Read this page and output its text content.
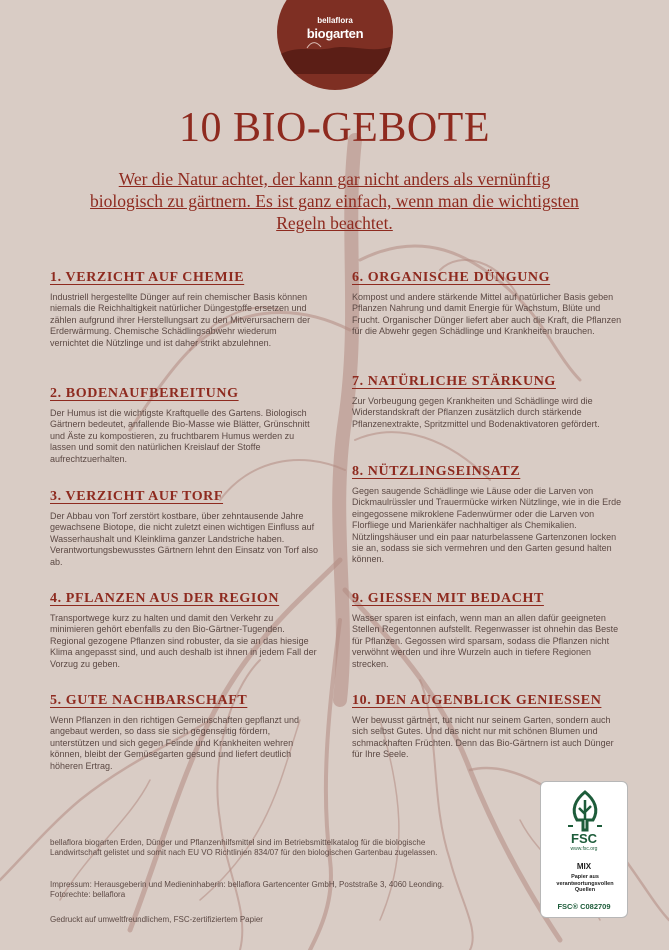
bellaflora
biogarten
10 BIO-GEBOTE
Wer die Natur achtet, der kann gar nicht anders als vernünftig biologisch zu gärtnern. Es ist ganz einfach, wenn man die wichtigsten Regeln beachtet.
1. VERZICHT AUF CHEMIE

Industriell hergestellte Dünger auf rein chemischer Basis können niemals die Reichhaltigkeit natürlicher Düngestoffe ersetzen und zählen aufgrund ihrer Herstellungsart zu den Mitverursachern der Erderwärmung. Chemische Schädlingsabwehr wiederum vernichtet die Nützlinge und ist daher strikt abzulehnen.

2. BODENAUFBEREITUNG

Der Humus ist die wichtigste Kraftquelle des Gartens. Biologisch Gärtnern bedeutet, anfallende Bio-Masse wie Blätter, Grünschnitt und Äste zu kompostieren, zu fruchtbarem Humus werden zu lassen und somit den natürlichen Kreislauf der Stoffe aufrechtzuerhalten.

3. VERZICHT AUF TORF

Der Abbau von Torf zerstört kostbare, über zehntausende Jahre gewachsene Biotope, die nicht zuletzt einen wichtigen Einfluss auf Wasserhaushalt und Kleinklima ganzer Landstriche haben. Verantwortungsbewusstes Gärtnern lehnt den Einsatz von Torf also ab.

4. PFLANZEN AUS DER REGION

Transportwege kurz zu halten und damit den Verkehr zu minimieren gehört ebenfalls zu den Bio-Gärtner-Tugenden. Regional gezogene Pflanzen sind robuster, da sie an das hiesige Klima angepasst sind, und auch deshalb ist ihnen in jedem Fall der Vorzug zu geben.

5. GUTE NACHBARSCHAFT

Wenn Pflanzen in den richtigen Gemeinschaften gepflanzt und angebaut werden, so dass sie sich gegenseitig fördern, unterstützen und sich gegen Feinde und Krankheiten wehren können, bleibt der Gemüsegarten gesund und liefert deutlich höheren Ertrag.

6. ORGANISCHE DÜNGUNG

Kompost und andere stärkende Mittel auf natürlicher Basis geben Pflanzen Nahrung und damit Energie für Wachstum, Blüte und Frucht. Organischer Dünger liefert aber auch die Kraft, die Pflanzen für die Abwehr gegen Schädlinge und Krankheiten brauchen.

7. NATÜRLICHE STÄRKUNG

Zur Vorbeugung gegen Krankheiten und Schädlinge wird die Widerstandskraft der Pflanzen zusätzlich durch stärkende Pflanzenextrakte, Spritzmittel und Bodenaktivatoren gefördert.

8. NÜTZLINGSEINSATZ

Gegen saugende Schädlinge wie Läuse oder die Larven von Dickmaulrüssler und Trauermücke wirken Nützlinge, wie in die Erde eingegossene mikroklene Fadenwürmer oder die Larven von Florfliege und Marienkäfer nachhaltiger als Chemikalien. Nützlingshäuser und ein paar naturbelassene Gartenzonen locken sie an, sodass sie sich vermehren und den Garten gesund halten können.

9. GIESSEN MIT BEDACHT

Wasser sparen ist einfach, wenn man an allen dafür geeigneten Stellen Regentonnen aufstellt. Regenwasser ist ohnehin das Beste für Pflanzen. Gegossen wird sparsam, sodass die Pflanzen nicht verwöhnt werden und ihre Wurzeln auch in tiefere Regionen strecken.

10. DEN AUGENBLICK GENIESSEN

Wer bewusst gärtnert, tut nicht nur seinem Garten, sondern auch sich selbst Gutes. Und das nicht nur mit schönen Blumen und schmackhaften Früchten. Denn das Bio-Gärtnern ist auch Dünger für Ihre Seele.

bellaflora biogarten Erden, Dünger und Pflanzenhilfsmittel sind im Betriebsmittelkatalog für die biologische Landwirtschaft gelistet und somit nach EU VO Richtlinien 834/07 für den biologischen Gartenbau zugelassen.
Impressum: Herausgeberin und Medieninhaberin: bellaflora Gartencenter GmbH, Poststraße 3, 4060 Leonding. Fotorechte: bellaflora
Gedruckt auf umweltfreundlichem, FSC-zertifiziertem Papier
FSC
www.fsc.org
MIX
Papier aus verantwortungsvollen Quellen
FSC® C082709
